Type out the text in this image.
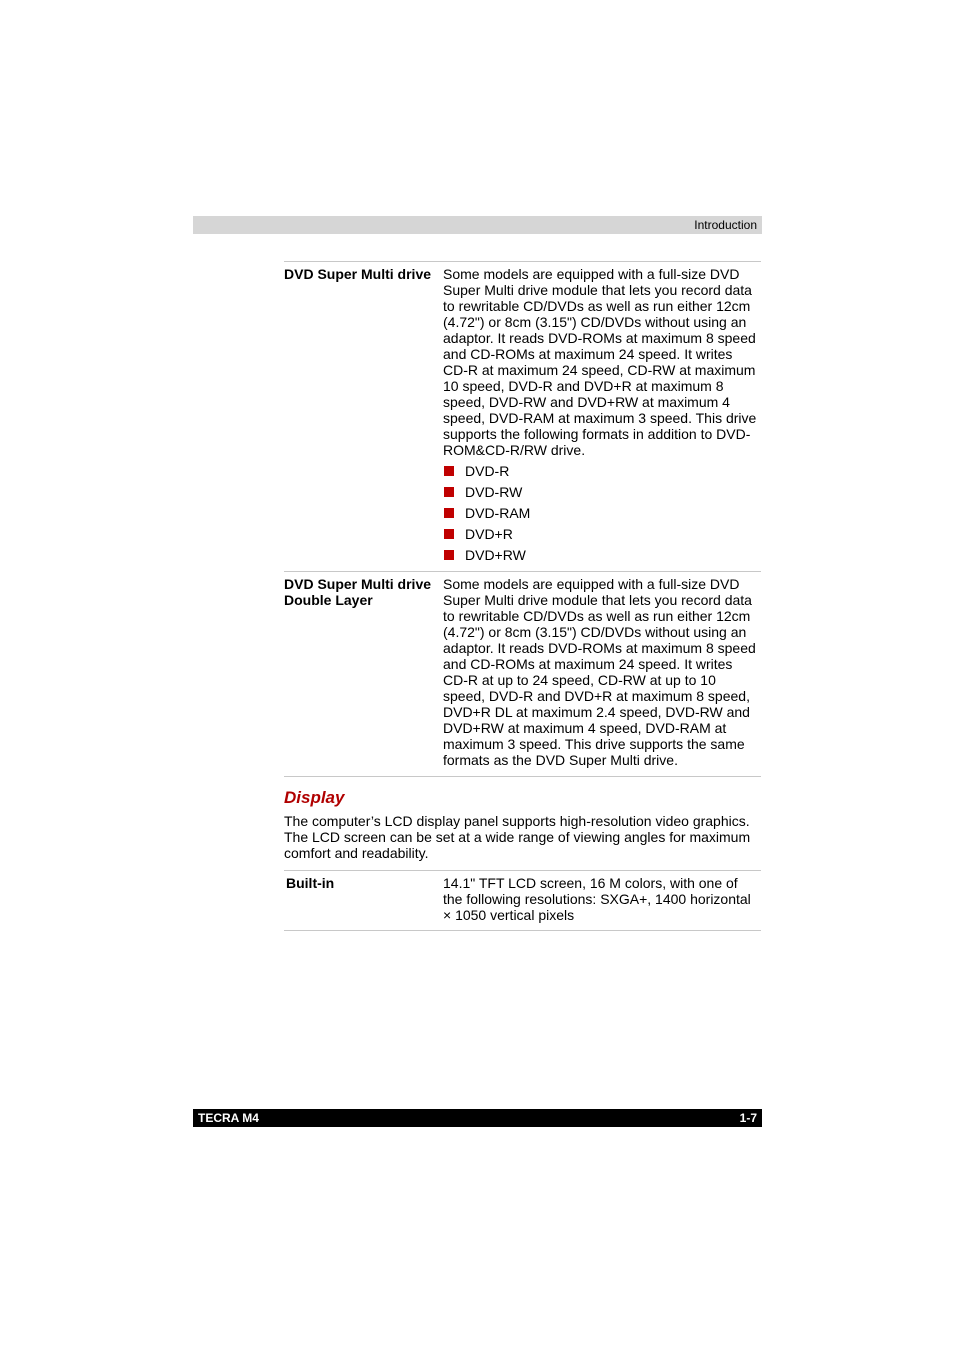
Introduction
DVD Super Multi drive Some models are equipped with a full-size DVD Super Multi drive module that lets you record data to rewritable CD/DVDs as well as run either 12cm (4.72") or 8cm (3.15") CD/DVDs without using an adaptor. It reads DVD-ROMs at maximum 8 speed and CD-ROMs at maximum 24 speed. It writes CD-R at maximum 24 speed, CD-RW at maximum 10 speed, DVD-R and DVD+R at maximum 8 speed, DVD-RW and DVD+RW at maximum 4 speed, DVD-RAM at maximum 3 speed. This drive supports the following formats in addition to DVD-ROM&CD-R/RW drive.
DVD-R
DVD-RW
DVD-RAM
DVD+R
DVD+RW
DVD Super Multi drive Double Layer
Some models are equipped with a full-size DVD Super Multi drive module that lets you record data to rewritable CD/DVDs as well as run either 12cm (4.72") or 8cm (3.15") CD/DVDs without using an adaptor. It reads DVD-ROMs at maximum 8 speed and CD-ROMs at maximum 24 speed. It writes CD-R at up to 24 speed, CD-RW at up to 10 speed, DVD-R and DVD+R at maximum 8 speed, DVD+R DL at maximum 2.4 speed, DVD-RW and DVD+RW at maximum 4 speed, DVD-RAM at maximum 3 speed. This drive supports the same formats as the DVD Super Multi drive.
Display
The computer’s LCD display panel supports high-resolution video graphics. The LCD screen can be set at a wide range of viewing angles for maximum comfort and readability.
Built-in	14.1" TFT LCD screen, 16 M colors, with one of the following resolutions: SXGA+, 1400 horizontal × 1050 vertical pixels
TECRA M4	1-7
